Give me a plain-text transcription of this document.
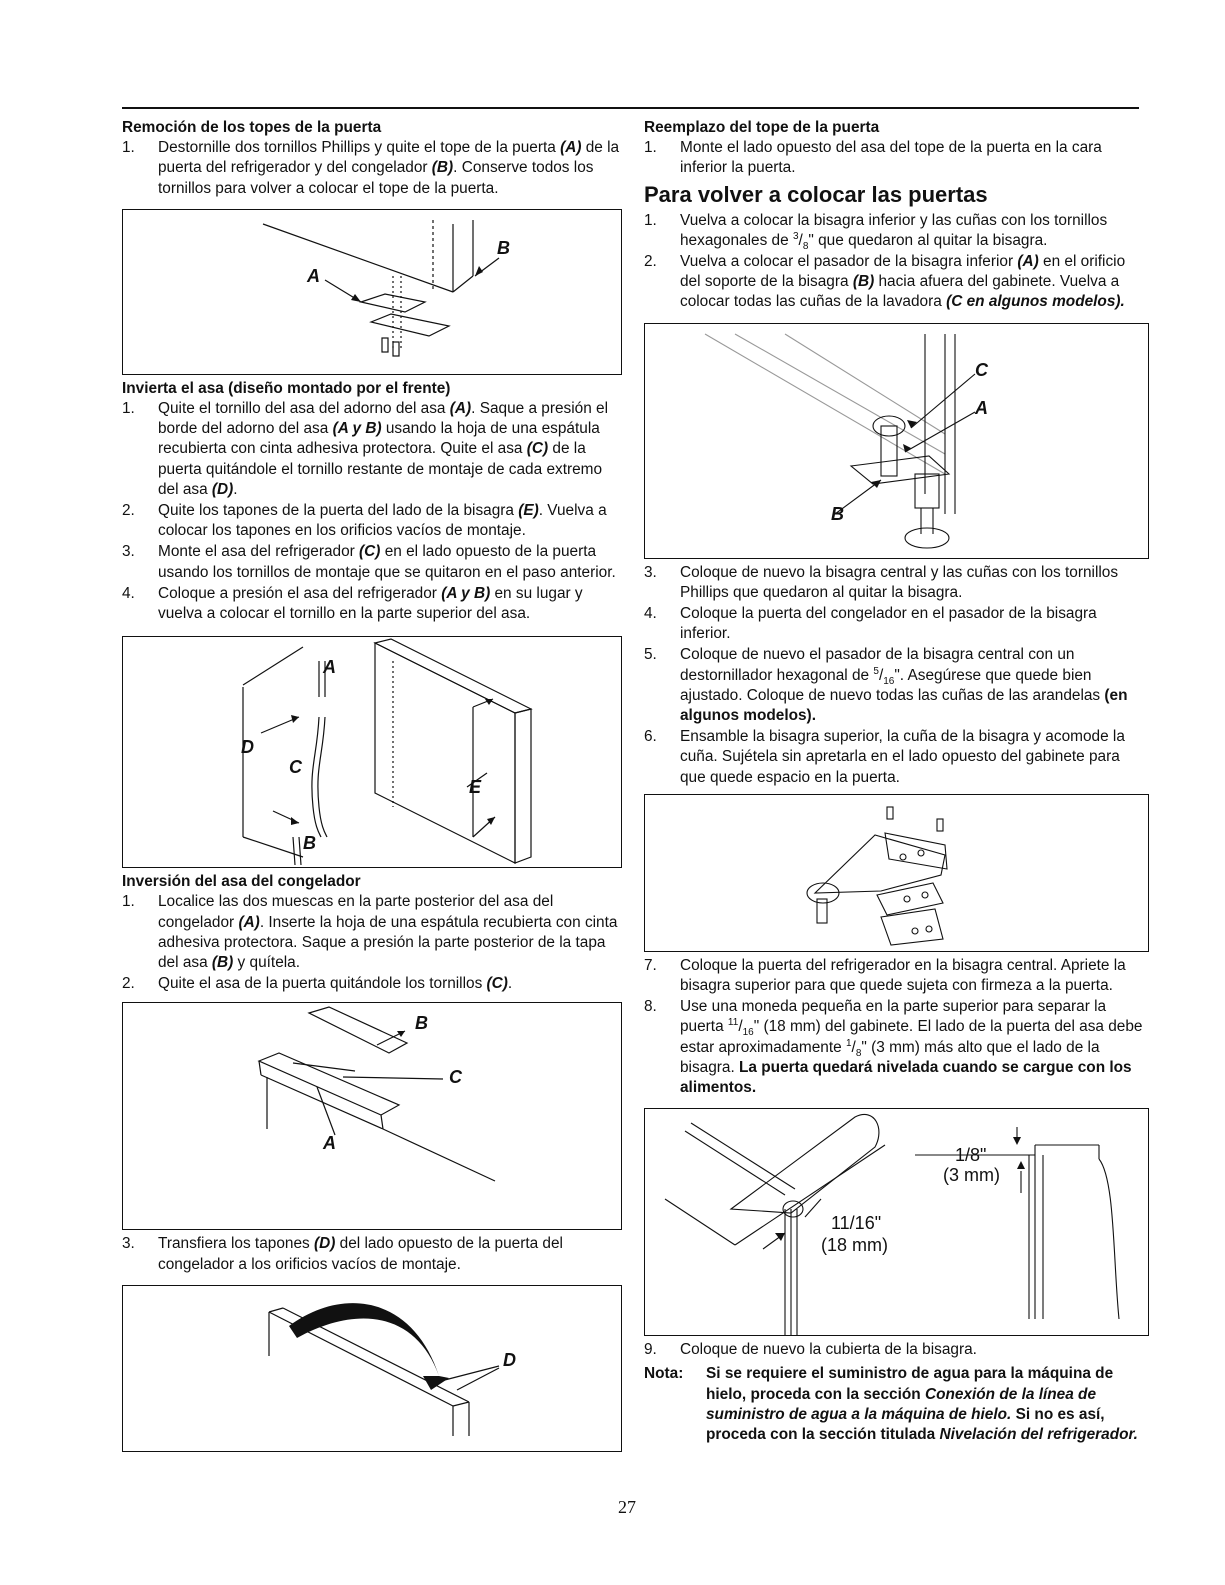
Remoción de los topes de la puerta
1. Destornille dos tornillos Phillips y quite el tope de la puerta (A) de la puerta del refrigerador y del congelador (B). Conserve todos los tornillos para volver a colocar el tope de la puerta.
A
B
Invierta el asa (diseño montado por el frente)
1. Quite el tornillo del asa del adorno del asa (A). Saque a presión el borde del adorno del asa (A y B) usando la hoja de una espátula recubierta con cinta adhesiva protectora. Quite el asa (C) de la puerta quitándole el tornillo restante de montaje de cada extremo del asa (D).
2. Quite los tapones de la puerta del lado de la bisagra (E). Vuelva a colocar los tapones en los orificios vacíos de montaje.
3. Monte el asa del refrigerador (C) en el lado opuesto de la puerta usando los tornillos de montaje que se quitaron en el paso anterior.
4. Coloque a presión el asa del refrigerador (A y B) en su lugar y vuelva a colocar el tornillo en la parte superior del asa.
A
B
C
D
E
Inversión del asa del congelador
1. Localice las dos muescas en la parte posterior del asa del congelador (A). Inserte la hoja de una espátula recubierta con cinta adhesiva protectora. Saque a presión la parte posterior de la tapa del asa (B) y quítela.
2. Quite el asa de la puerta quitándole los tornillos (C).
A
B
C
3. Transfiera los tapones (D) del lado opuesto de la puerta del congelador a los orificios vacíos de montaje.
D
Reemplazo del tope de la puerta
1. Monte el lado opuesto del asa del tope de la puerta en la cara inferior la puerta.
Para volver a colocar las puertas
1. Vuelva a colocar la bisagra inferior y las cuñas con los tornillos hexagonales de $^3/_8$" que quedaron al quitar la bisagra.
2. Vuelva a colocar el pasador de la bisagra inferior (A) en el orificio del soporte de la bisagra (B) hacia afuera del gabinete. Vuelva a colocar todas las cuñas de la lavadora (C en algunos modelos).
B
A
C
3. Coloque de nuevo la bisagra central y las cuñas con los tornillos Phillips que quedaron al quitar la bisagra.
4. Coloque la puerta del congelador en el pasador de la bisagra inferior.
5. Coloque de nuevo el pasador de la bisagra central con un destornillador hexagonal de $^5/_{16}$". Asegúrese que quede bien ajustado. Coloque de nuevo todas las cuñas de las arandelas (en algunos modelos).
6. Ensamble la bisagra superior, la cuña de la bisagra y acomode la cuña. Sujétela sin apretarla en el lado opuesto del gabinete para que quede espacio en la puerta.
7. Coloque la puerta del refrigerador en la bisagra central. Apriete la bisagra superior para que quede sujeta con firmeza a la puerta.
8. Use una moneda pequeña en la parte superior para separar la puerta $^{11}/_{16}$" (18 mm) del gabinete. El lado de la puerta del asa debe estar aproximadamente $^1/_8$" (3 mm) más alto que el lado de la bisagra. La puerta quedará nivelada cuando se cargue con los alimentos.
1/8"
(3 mm)
11/16"
(18 mm)
9. Coloque de nuevo la cubierta de la bisagra.
Nota: Si se requiere el suministro de agua para la máquina de hielo, proceda con la sección Conexión de la línea de suministro de agua a la máquina de hielo. Si no es así, proceda con la sección titulada Nivelación del refrigerador.
27
